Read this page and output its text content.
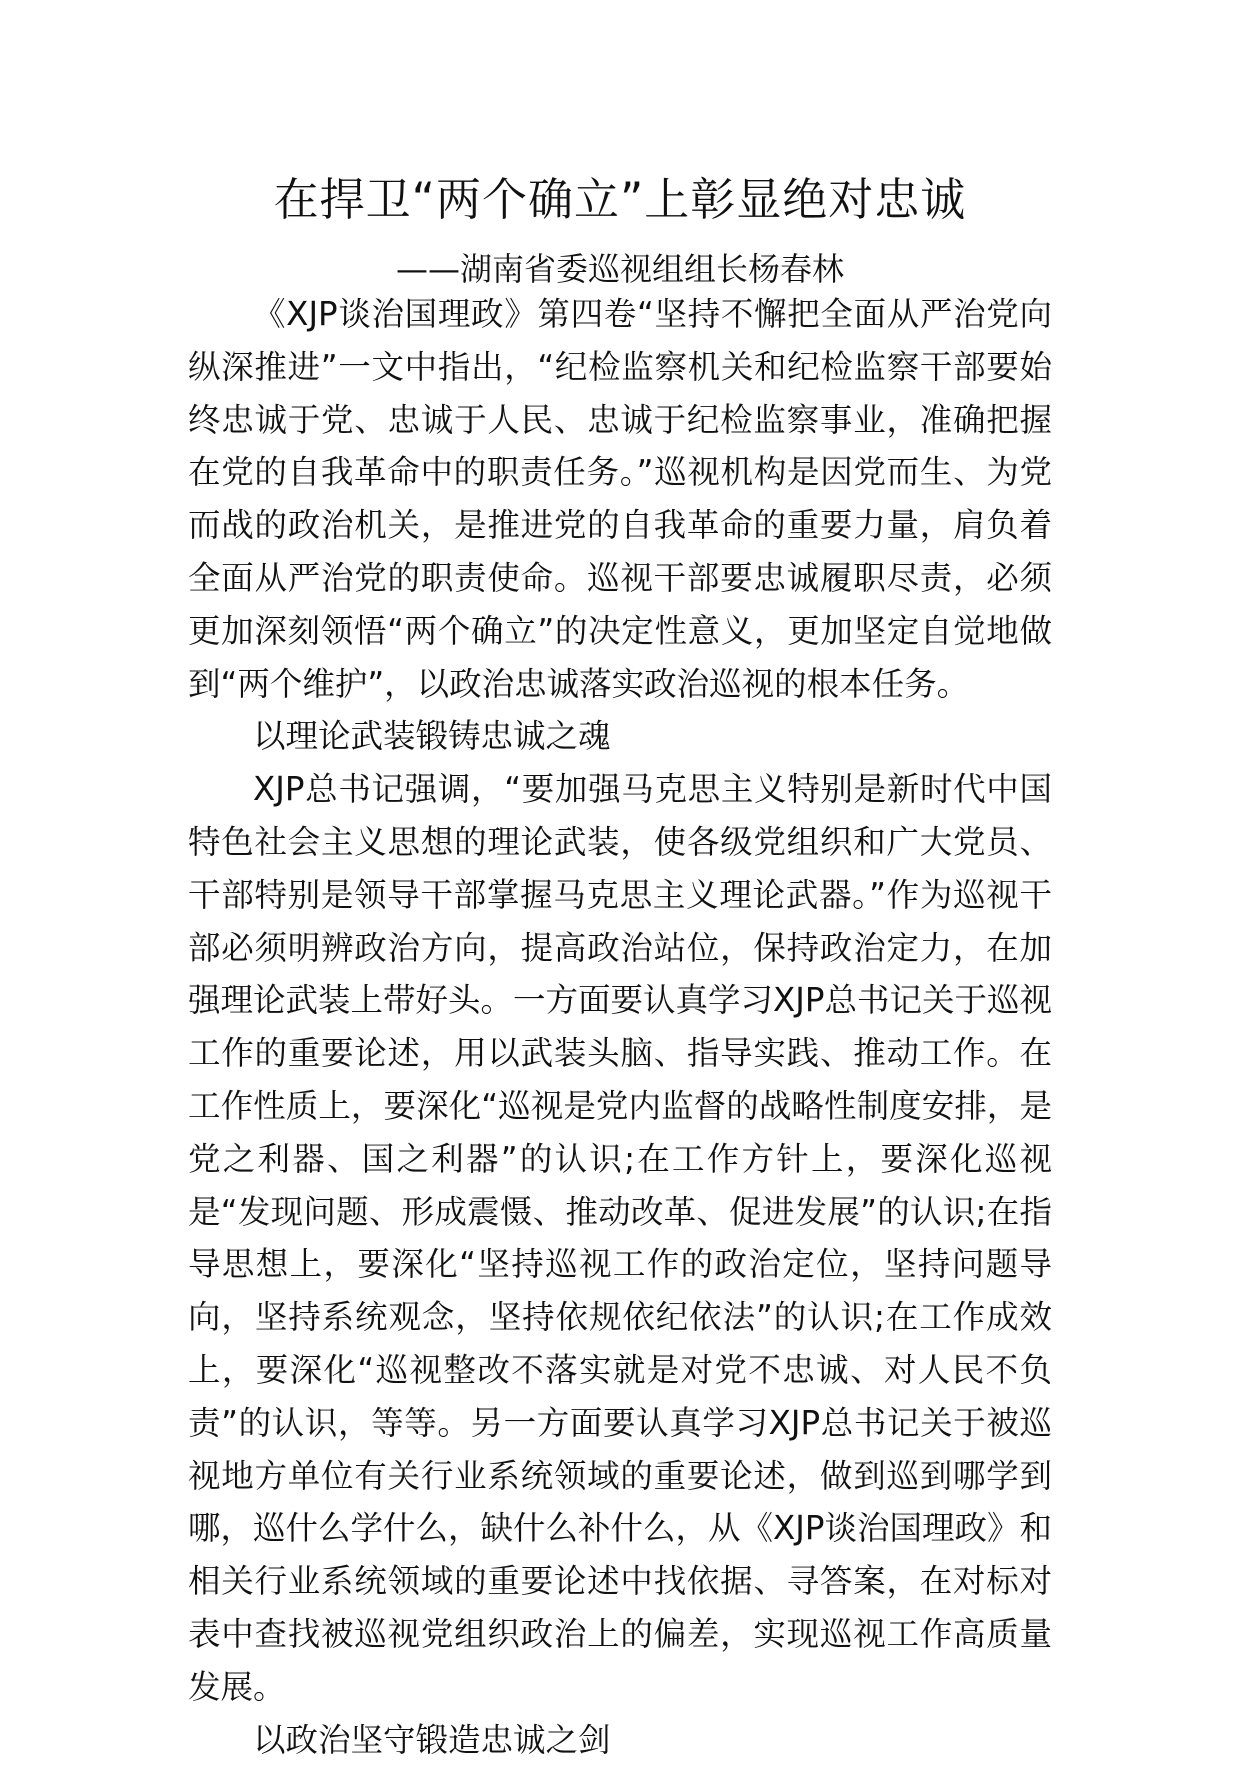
在捍卫“两个确立”上彰显绝对忠诚
——湖南省委巡视组组长杨春林

《XJP谈治国理政》第四卷“坚持不懈把全面从严治党向纵深推进”一文中指出，“纪检监察机关和纪检监察干部要始终忠诚于党、忠诚于人民、忠诚于纪检监察事业，准确把握在党的自我革命中的职责任务。”巡视机构是因党而生、为党而战的政治机关，是推进党的自我革命的重要力量，肩负着全面从严治党的职责使命。巡视干部要忠诚履职尽责，必须更加深刻领悟“两个确立”的决定性意义，更加坚定自觉地做到“两个维护”，以政治忠诚落实政治巡视的根本任务。

以理论武装锻铸忠诚之魂

XJP总书记强调，“要加强马克思主义特别是新时代中国特色社会主义思想的理论武装，使各级党组织和广大党员、干部特别是领导干部掌握马克思主义理论武器。”作为巡视干部必须明辨政治方向，提高政治站位，保持政治定力，在加强理论武装上带好头。一方面要认真学习XJP总书记关于巡视工作的重要论述，用以武装头脑、指导实践、推动工作。在工作性质上，要深化“巡视是党内监督的战略性制度安排，是党之利器、国之利器”的认识;在工作方针上，要深化巡视是“发现问题、形成震慑、推动改革、促进发展”的认识;在指导思想上，要深化“坚持巡视工作的政治定位，坚持问题导向，坚持系统观念，坚持依规依纪依法”的认识;在工作成效上，要深化“巡视整改不落实就是对党不忠诚、对人民不负责”的认识，等等。另一方面要认真学习XJP总书记关于被巡视地方单位有关行业系统领域的重要论述，做到巡到哪学到哪，巡什么学什么，缺什么补什么，从《XJP谈治国理政》和相关行业系统领域的重要论述中找依据、寻答案，在对标对表中查找被巡视党组织政治上的偏差，实现巡视工作高质量发展。

以政治坚守锻造忠诚之剑
